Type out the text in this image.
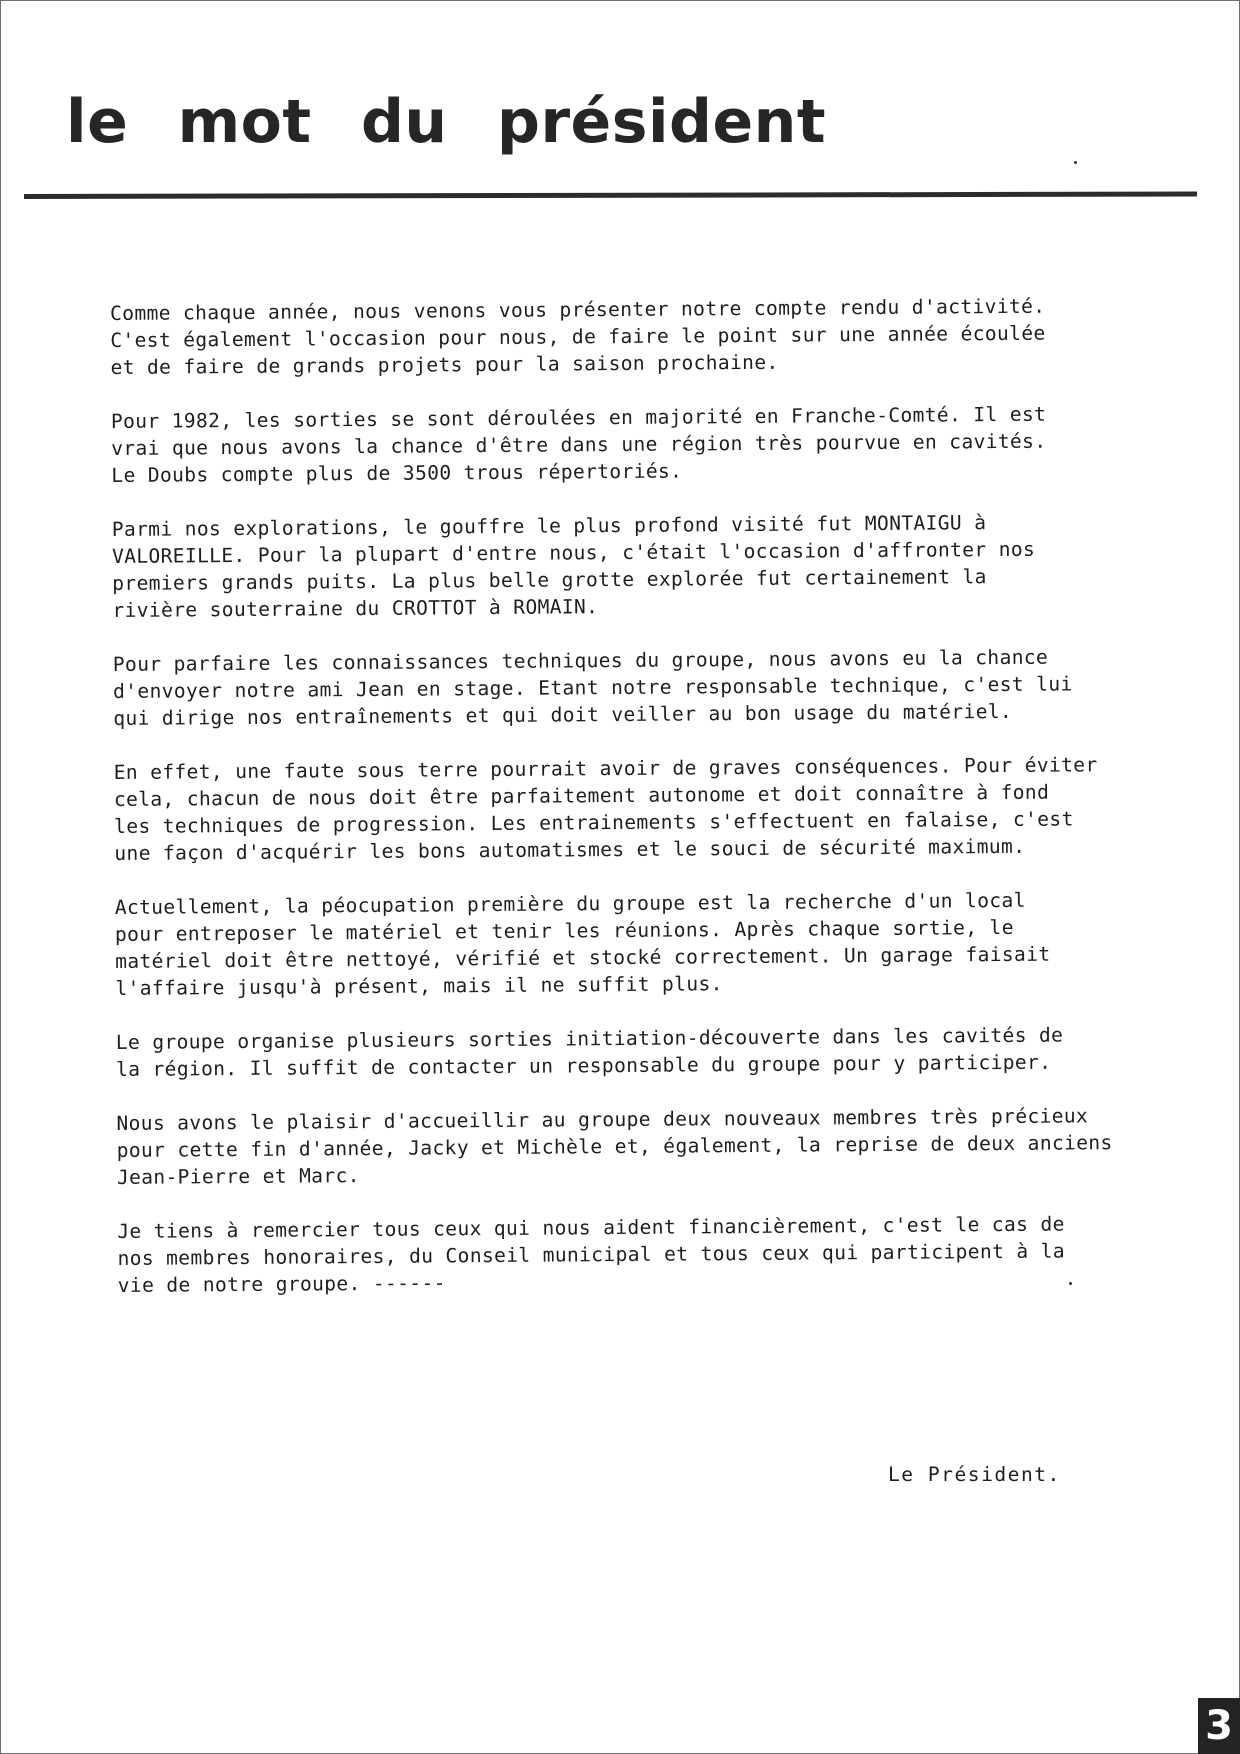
le mot du président

Comme chaque année, nous venons vous présenter notre compte rendu d'activité.
C'est également l'occasion pour nous, de faire le point sur une année écoulée
et de faire de grands projets pour la saison prochaine.

Pour 1982, les sorties se sont déroulées en majorité en Franche-Comté. Il est
vrai que nous avons la chance d'être dans une région très pourvue en cavités.
Le Doubs compte plus de 3500 trous répertoriés.

Parmi nos explorations, le gouffre le plus profond visité fut MONTAIGU à
VALOREILLE. Pour la plupart d'entre nous, c'était l'occasion d'affronter nos
premiers grands puits. La plus belle grotte explorée fut certainement la
rivière souterraine du CROTTOT à ROMAIN.

Pour parfaire les connaissances techniques du groupe, nous avons eu la chance
d'envoyer notre ami Jean en stage. Etant notre responsable technique, c'est lui
qui dirige nos entraînements et qui doit veiller au bon usage du matériel.

En effet, une faute sous terre pourrait avoir de graves conséquences. Pour éviter
cela, chacun de nous doit être parfaitement autonome et doit connaître à fond
les techniques de progression. Les entrainements s'effectuent en falaise, c'est
une façon d'acquérir les bons automatismes et le souci de sécurité maximum.

Actuellement, la péocupation première du groupe est la recherche d'un local
pour entreposer le matériel et tenir les réunions. Après chaque sortie, le
matériel doit être nettoyé, vérifié et stocké correctement. Un garage faisait
l'affaire jusqu'à présent, mais il ne suffit plus.

Le groupe organise plusieurs sorties initiation-découverte dans les cavités de
la région. Il suffit de contacter un responsable du groupe pour y participer.

Nous avons le plaisir d'accueillir au groupe deux nouveaux membres très précieux
pour cette fin d'année, Jacky et Michèle et, également, la reprise de deux anciens
Jean-Pierre et Marc.

Je tiens à remercier tous ceux qui nous aident financièrement, c'est le cas de
nos membres honoraires, du Conseil municipal et tous ceux qui participent à la
vie de notre groupe. ------

Le Président.
3
